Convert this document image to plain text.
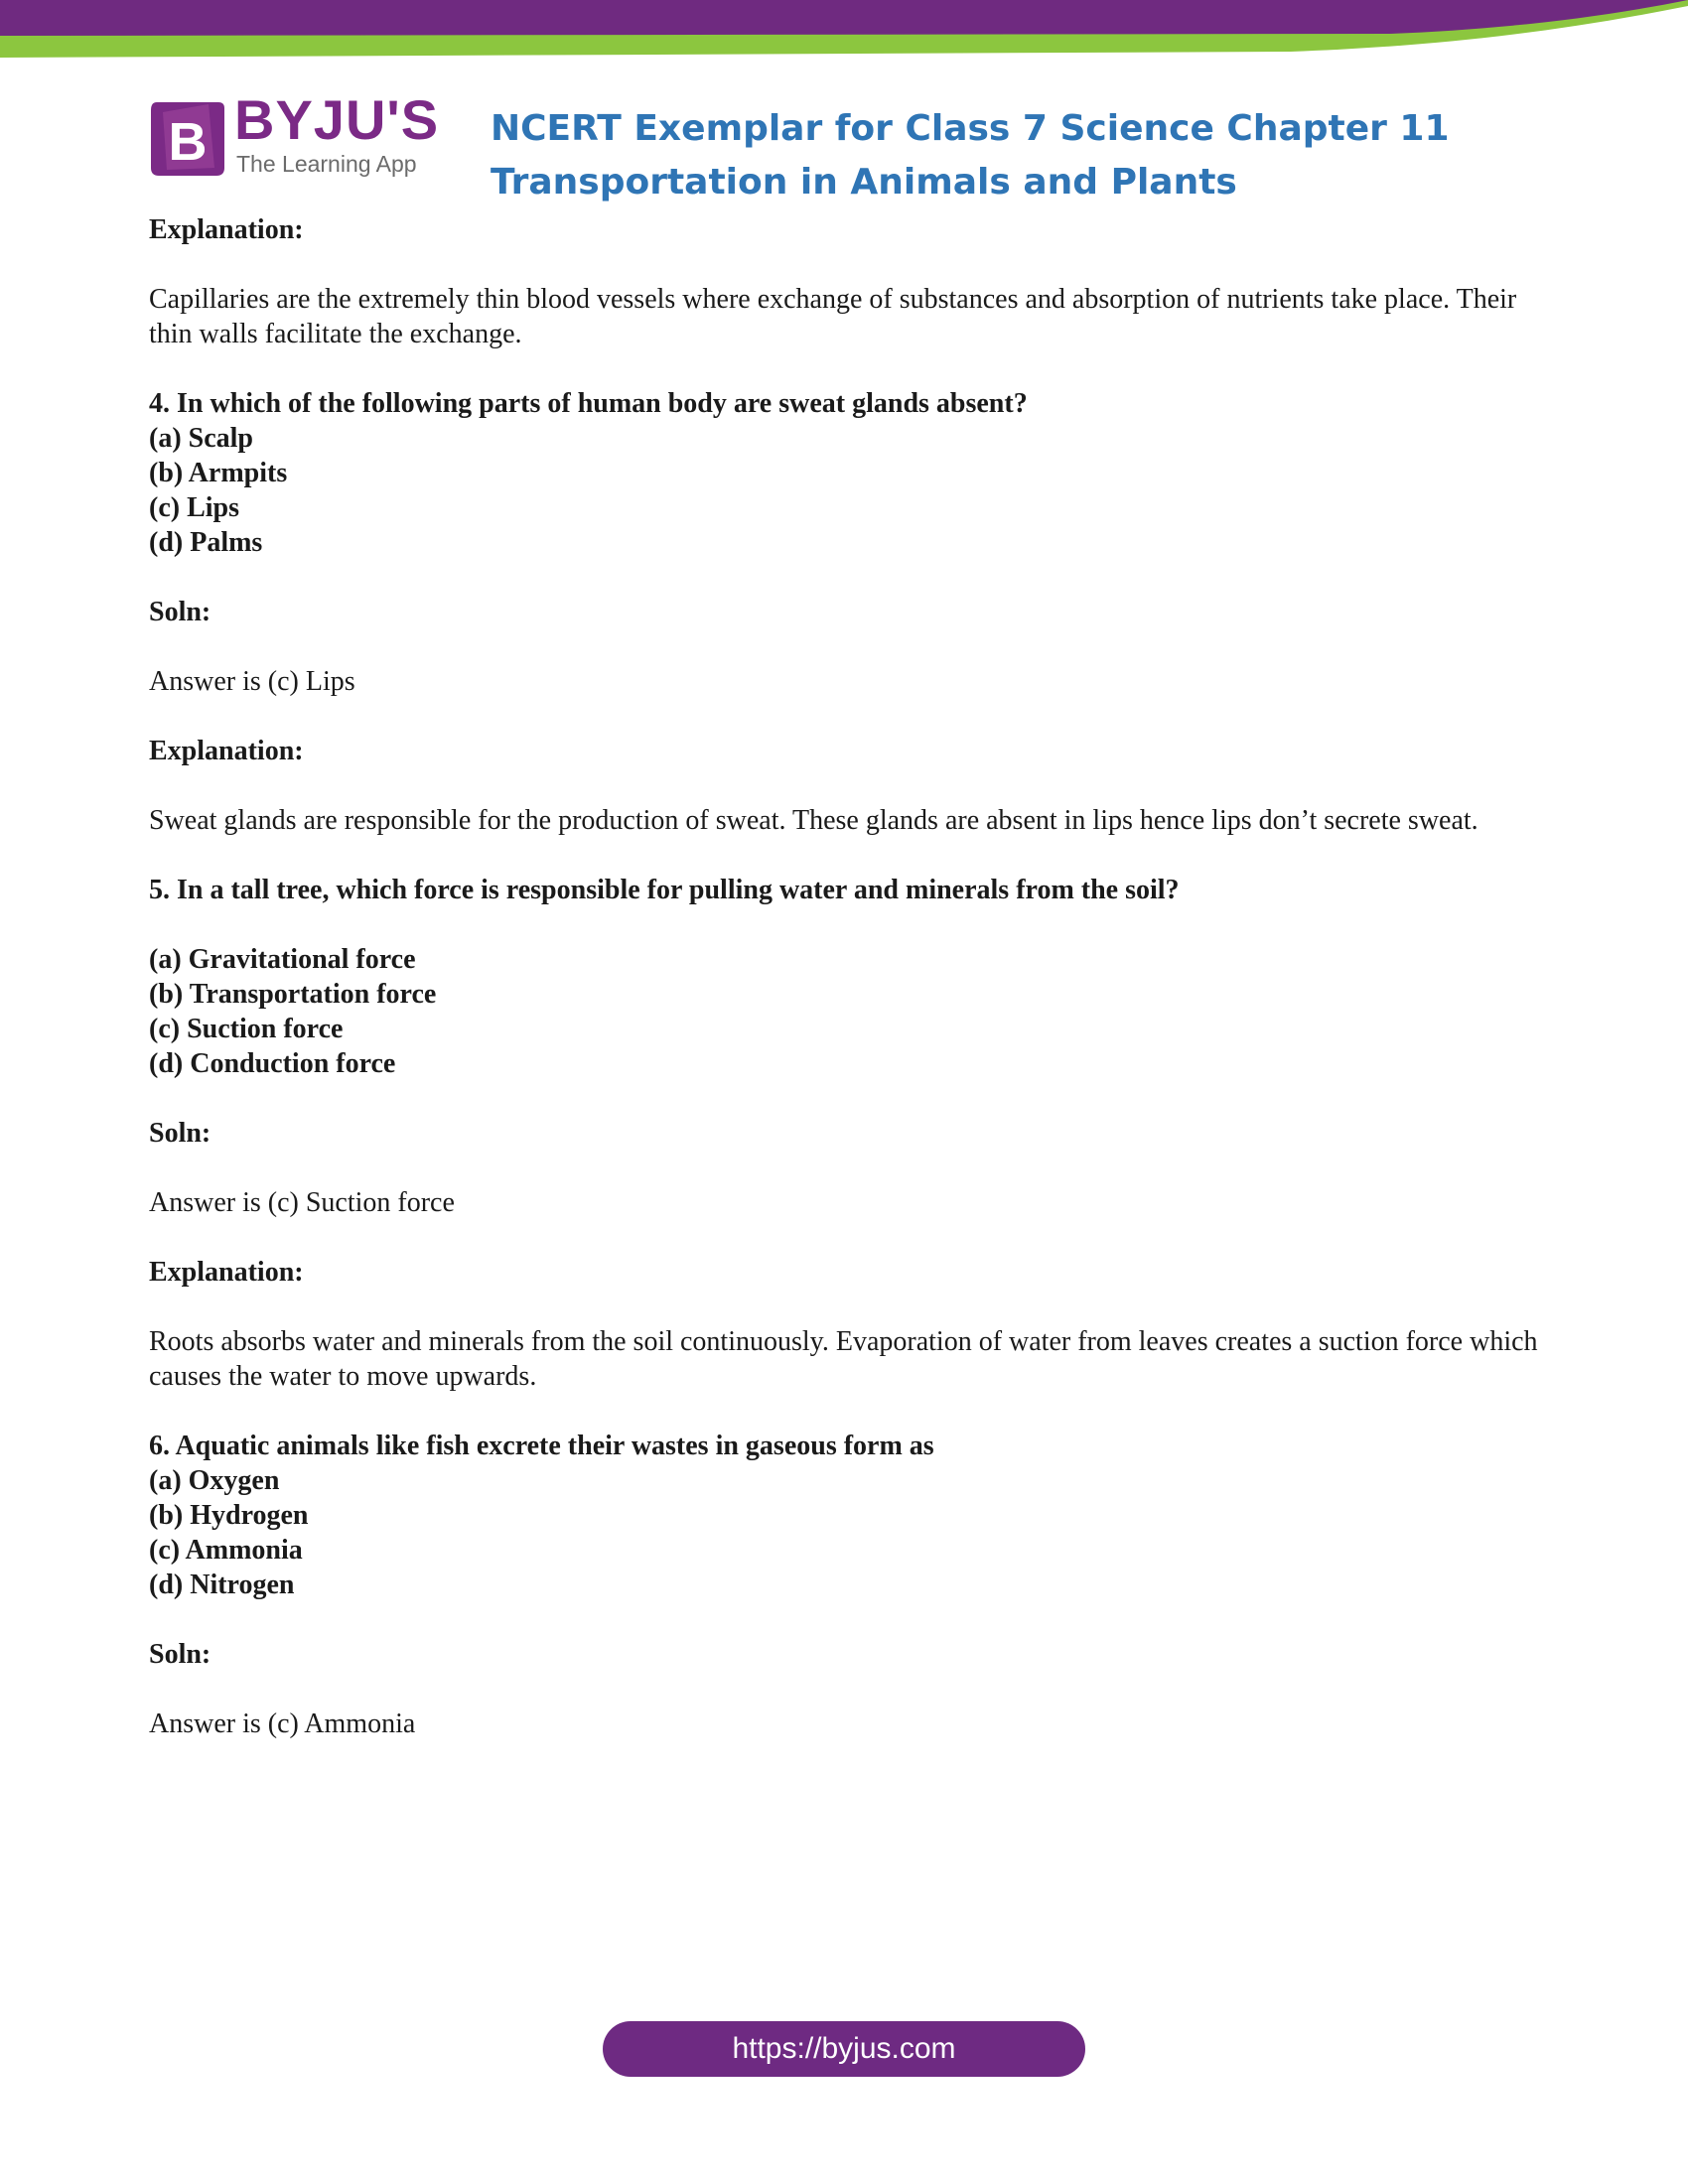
B BYJU'S
The Learning App
NCERT Exemplar for Class 7 Science Chapter 11
Transportation in Animals and Plants
Explanation:
Capillaries are the extremely thin blood vessels where exchange of substances and absorption of nutrients take place. Their thin walls facilitate the exchange.
4. In which of the following parts of human body are sweat glands absent?
(a) Scalp
(b) Armpits
(c) Lips
(d) Palms
Soln:
Answer is (c) Lips
Explanation:
Sweat glands are responsible for the production of sweat. These glands are absent in lips hence lips don’t secrete sweat.
5. In a tall tree, which force is responsible for pulling water and minerals from the soil?
(a) Gravitational force
(b) Transportation force
(c) Suction force
(d) Conduction force
Soln:
Answer is (c) Suction force
Explanation:
Roots absorbs water and minerals from the soil continuously. Evaporation of water from leaves creates a suction force which causes the water to move upwards.
6. Aquatic animals like fish excrete their wastes in gaseous form as
(a) Oxygen
(b) Hydrogen
(c) Ammonia
(d) Nitrogen
Soln:
Answer is (c) Ammonia
https://byjus.com
